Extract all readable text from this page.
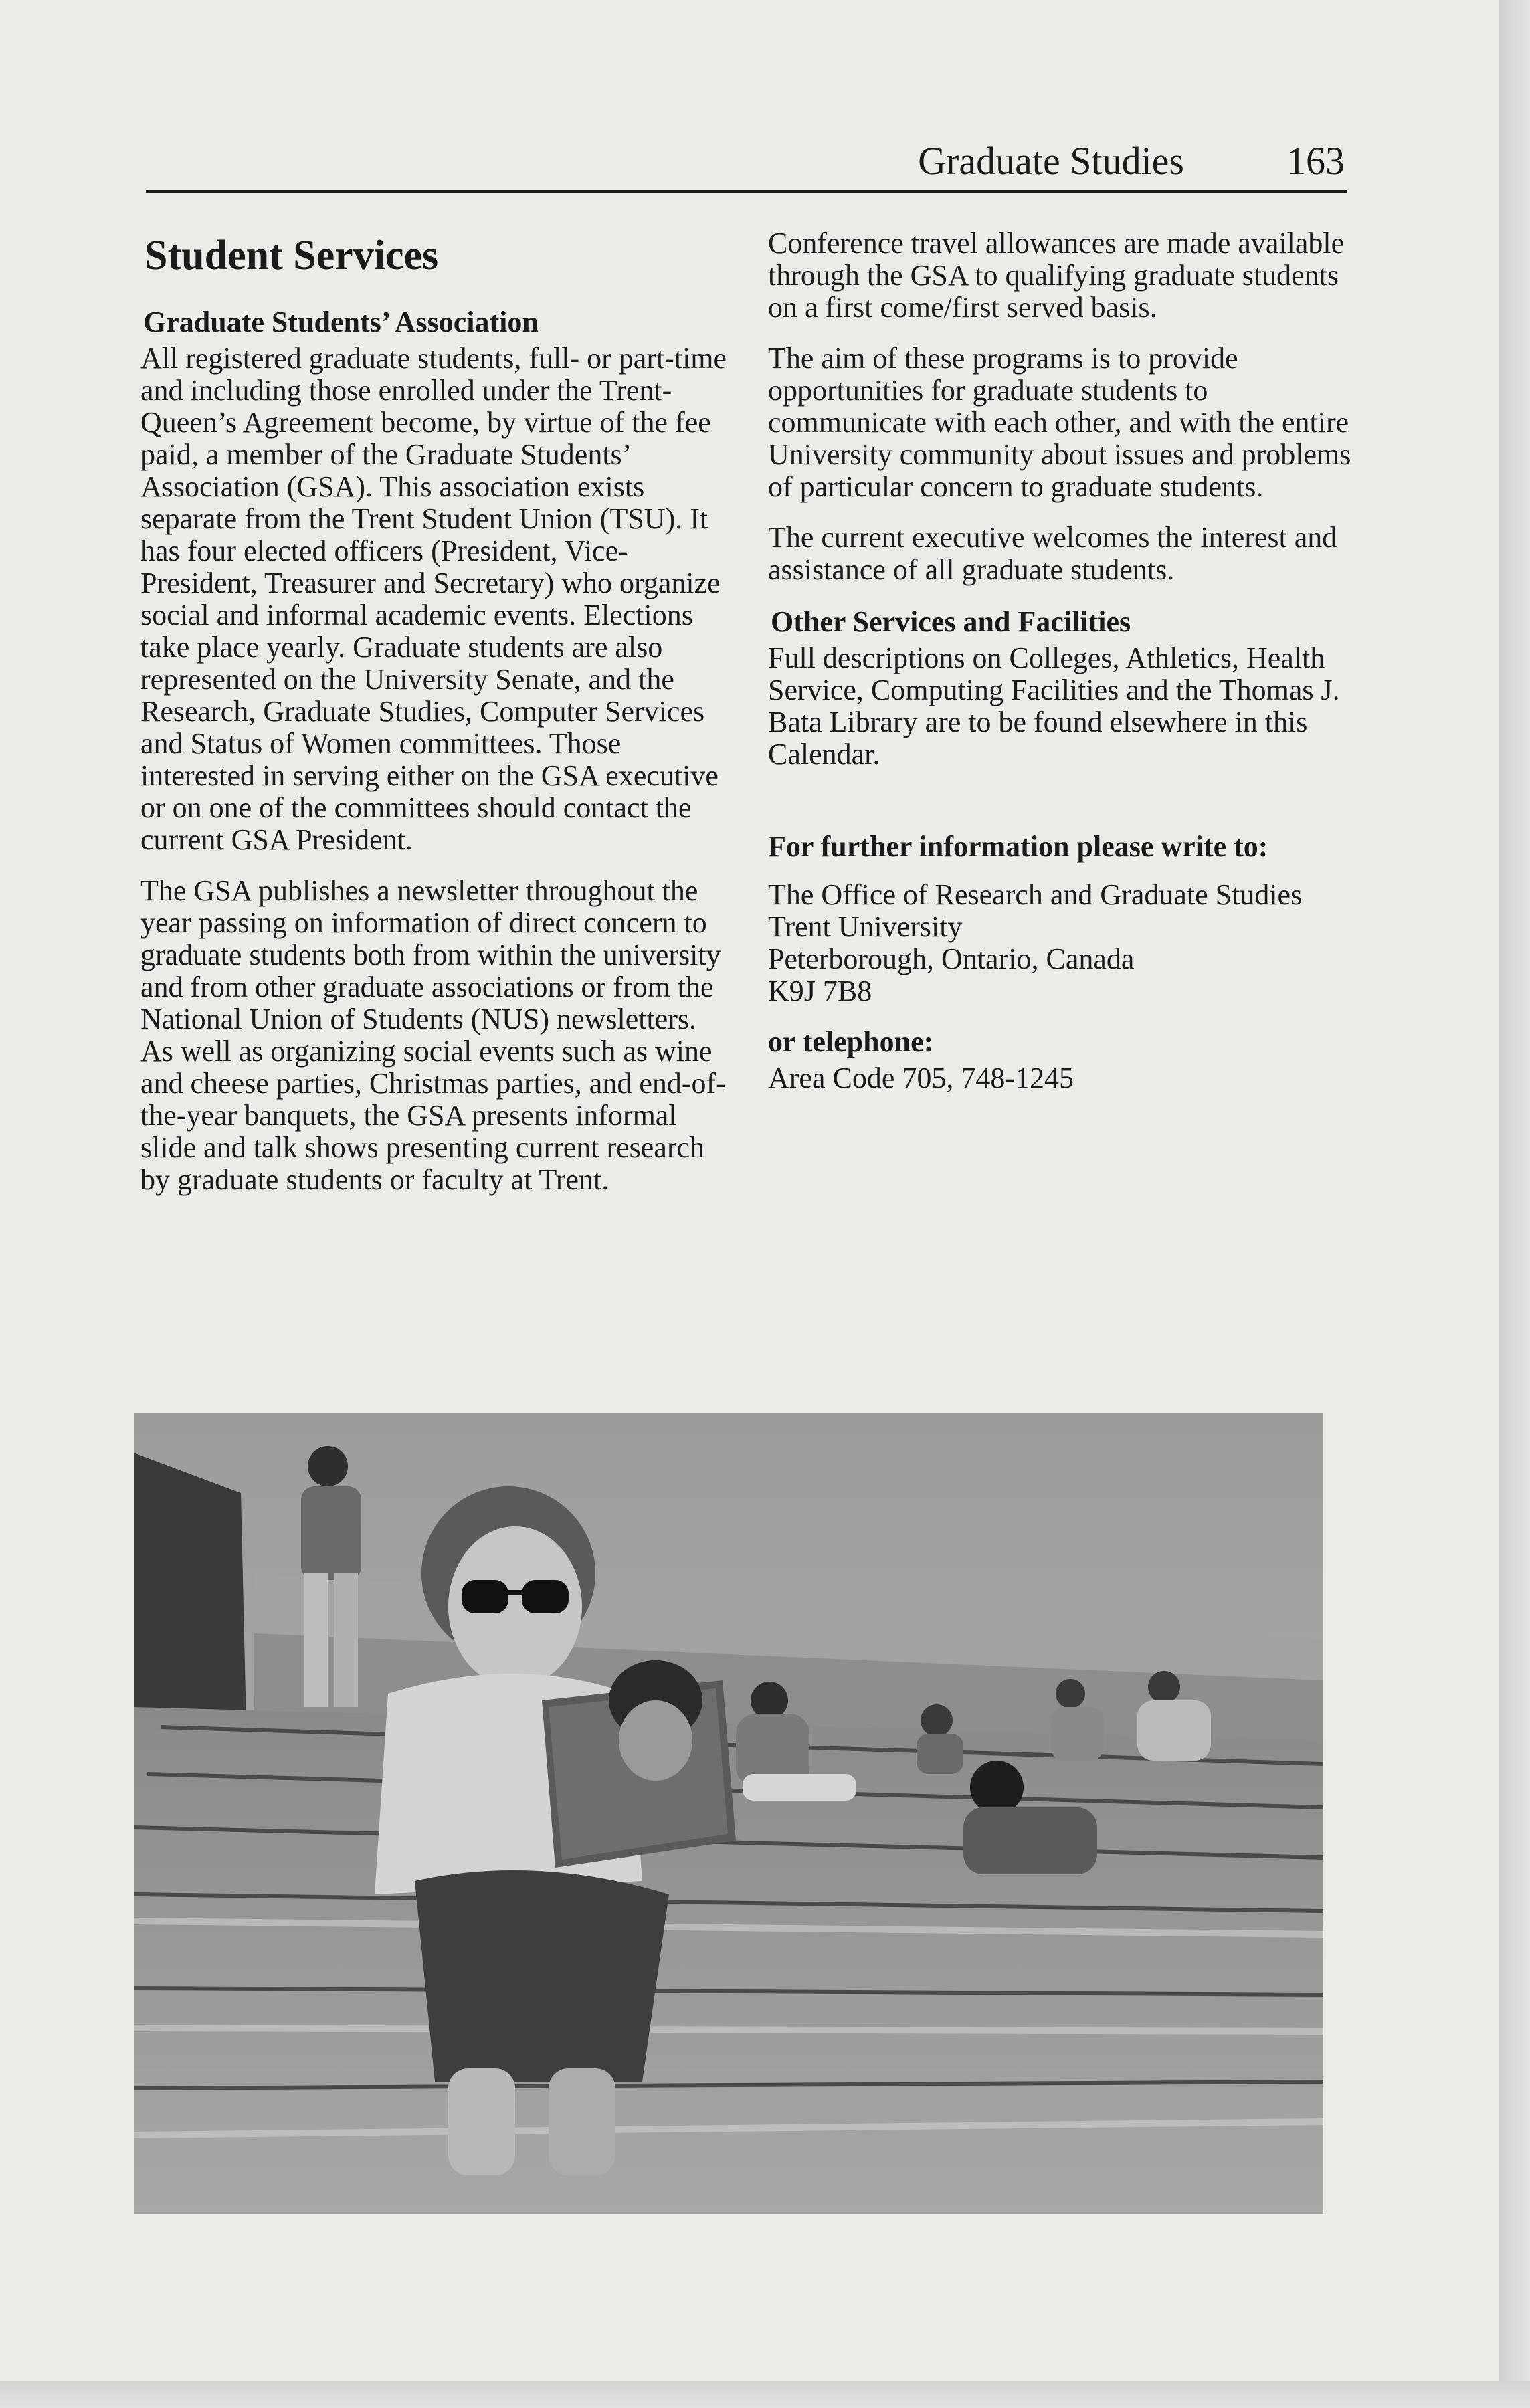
Graduate Studies	163
Student Services
Graduate Students’ Association

All registered graduate students, full- or part-time and including those enrolled under the Trent-Queen’s Agreement become, by virtue of the fee paid, a member of the Graduate Students’ Association (GSA). This association exists separate from the Trent Student Union (TSU). It has four elected officers (President, Vice-President, Treasurer and Secretary) who organize social and informal academic events. Elections take place yearly. Graduate students are also represented on the University Senate, and the Research, Graduate Studies, Computer Services and Status of Women committees. Those interested in serving either on the GSA executive or on one of the committees should contact the current GSA President.

The GSA publishes a newsletter throughout the year passing on information of direct concern to graduate students both from within the university and from other graduate associations or from the National Union of Students (NUS) newsletters. As well as organizing social events such as wine and cheese parties, Christmas parties, and end-of-the-year banquets, the GSA presents informal slide and talk shows presenting current research by graduate students or faculty at Trent.

Conference travel allowances are made available through the GSA to qualifying graduate students on a first come/first served basis.

The aim of these programs is to provide opportunities for graduate students to communicate with each other, and with the entire University community about issues and problems of particular concern to graduate students.

The current executive welcomes the interest and assistance of all graduate students.

Other Services and Facilities

Full descriptions on Colleges, Athletics, Health Service, Computing Facilities and the Thomas J. Bata Library are to be found elsewhere in this Calendar.

For further information please write to:

The Office of Research and Graduate Studies
Trent University
Peterborough, Ontario, Canada
K9J 7B8

or telephone:

Area Code 705, 748-1245
